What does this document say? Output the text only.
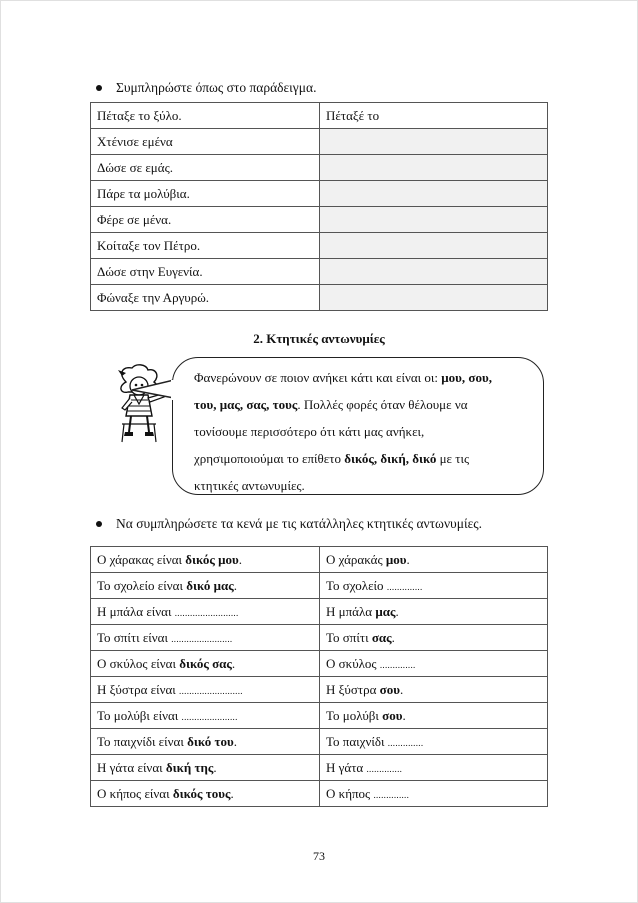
Συμπληρώστε όπως στο παράδειγμα.
Πέταξε το ξύλο.	Πέταξέ το
Χτένισε εμένα	
Δώσε σε εμάς.	
Πάρε τα μολύβια.	
Φέρε σε μένα.	
Κοίταξε τον Πέτρο.	
Δώσε στην Ευγενία.	
Φώναξε την Αργυρώ.	
2. Κτητικές αντωνυμίες
Φανερώνουν σε ποιον ανήκει κάτι και είναι οι: μου, σου,
του, μας, σας, τους. Πολλές φορές όταν θέλουμε να
τονίσουμε περισσότερο ότι κάτι μας ανήκει,
χρησιμοποιούμαι το επίθετο δικός, δική, δικό με τις
κτητικές αντωνυμίες.
Να συμπληρώσετε τα κενά με τις κατάλληλες κτητικές αντωνυμίες.
Ο χάρακας είναι δικός μου.	Ο χάρακάς μου.
Το σχολείο είναι δικό μας.	Το σχολείο ..............
Η μπάλα είναι .........................	Η μπάλα μας.
Το σπίτι είναι ........................	Το σπίτι σας.
Ο σκύλος είναι δικός σας.	Ο σκύλος ..............
Η ξύστρα είναι .........................	Η ξύστρα σου.
Το μολύβι είναι ......................	Το μολύβι σου.
Το παιχνίδι είναι δικό του.	Το παιχνίδι ..............
Η γάτα είναι δική της.	Η γάτα ..............
Ο κήπος είναι δικός τους.	Ο κήπος ..............
73
